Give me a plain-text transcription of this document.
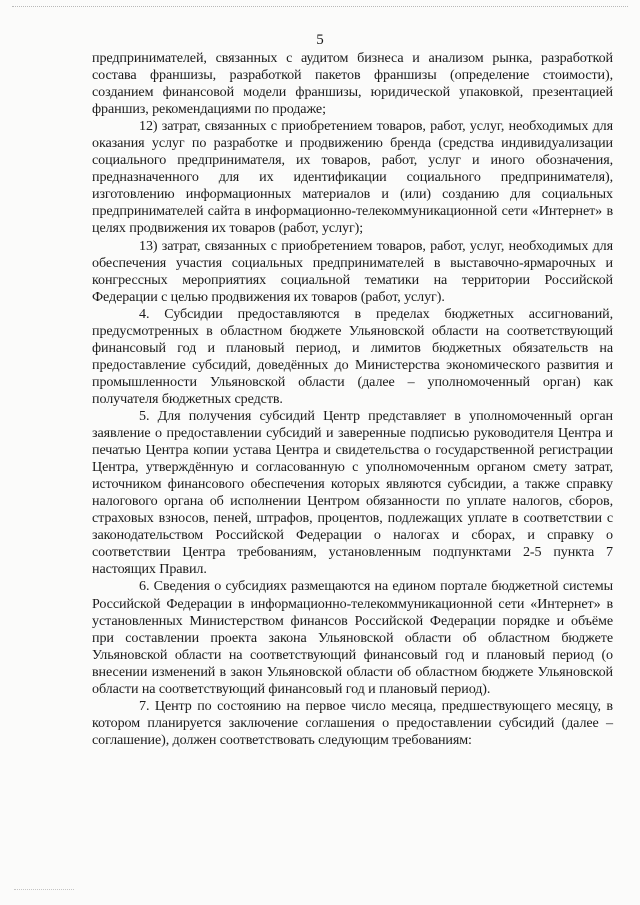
5

предпринимателей, связанных с аудитом бизнеса и анализом рынка, разработкой состава франшизы, разработкой пакетов франшизы (определение стоимости), созданием финансовой модели франшизы, юридической упаковкой, презентацией франшиз, рекомендациями по продаже;

12) затрат, связанных с приобретением товаров, работ, услуг, необходимых для оказания услуг по разработке и продвижению бренда (средства индивидуализации социального предпринимателя, их товаров, работ, услуг и иного обозначения, предназначенного для их идентификации социального предпринимателя), изготовлению информационных материалов и (или) созданию для социальных предпринимателей сайта в информационно-телекоммуникационной сети «Интернет» в целях продвижения их товаров (работ, услуг);

13) затрат, связанных с приобретением товаров, работ, услуг, необходимых для обеспечения участия социальных предпринимателей в выставочно-ярмарочных и конгрессных мероприятиях социальной тематики на территории Российской Федерации с целью продвижения их товаров (работ, услуг).

4. Субсидии предоставляются в пределах бюджетных ассигнований, предусмотренных в областном бюджете Ульяновской области на соответствующий финансовый год и плановый период, и лимитов бюджетных обязательств на предоставление субсидий, доведённых до Министерства экономического развития и промышленности Ульяновской области (далее – уполномоченный орган) как получателя бюджетных средств.

5. Для получения субсидий Центр представляет в уполномоченный орган заявление о предоставлении субсидий и заверенные подписью руководителя Центра и печатью Центра копии устава Центра и свидетельства о государственной регистрации Центра, утверждённую и согласованную с уполномоченным органом смету затрат, источником финансового обеспечения которых являются субсидии, а также справку налогового органа об исполнении Центром обязанности по уплате налогов, сборов, страховых взносов, пеней, штрафов, процентов, подлежащих уплате в соответствии с законодательством Российской Федерации о налогах и сборах, и справку о соответствии Центра требованиям, установленным подпунктами 2-5 пункта 7 настоящих Правил.

6. Сведения о субсидиях размещаются на едином портале бюджетной системы Российской Федерации в информационно-телекоммуникационной сети «Интернет» в установленных Министерством финансов Российской Федерации порядке и объёме при составлении проекта закона Ульяновской области об областном бюджете Ульяновской области на соответствующий финансовый год и плановый период (о внесении изменений в закон Ульяновской области об областном бюджете Ульяновской области на соответствующий финансовый год и плановый период).

7. Центр по состоянию на первое число месяца, предшествующего месяцу, в котором планируется заключение соглашения о предоставлении субсидий (далее – соглашение), должен соответствовать следующим требованиям:
